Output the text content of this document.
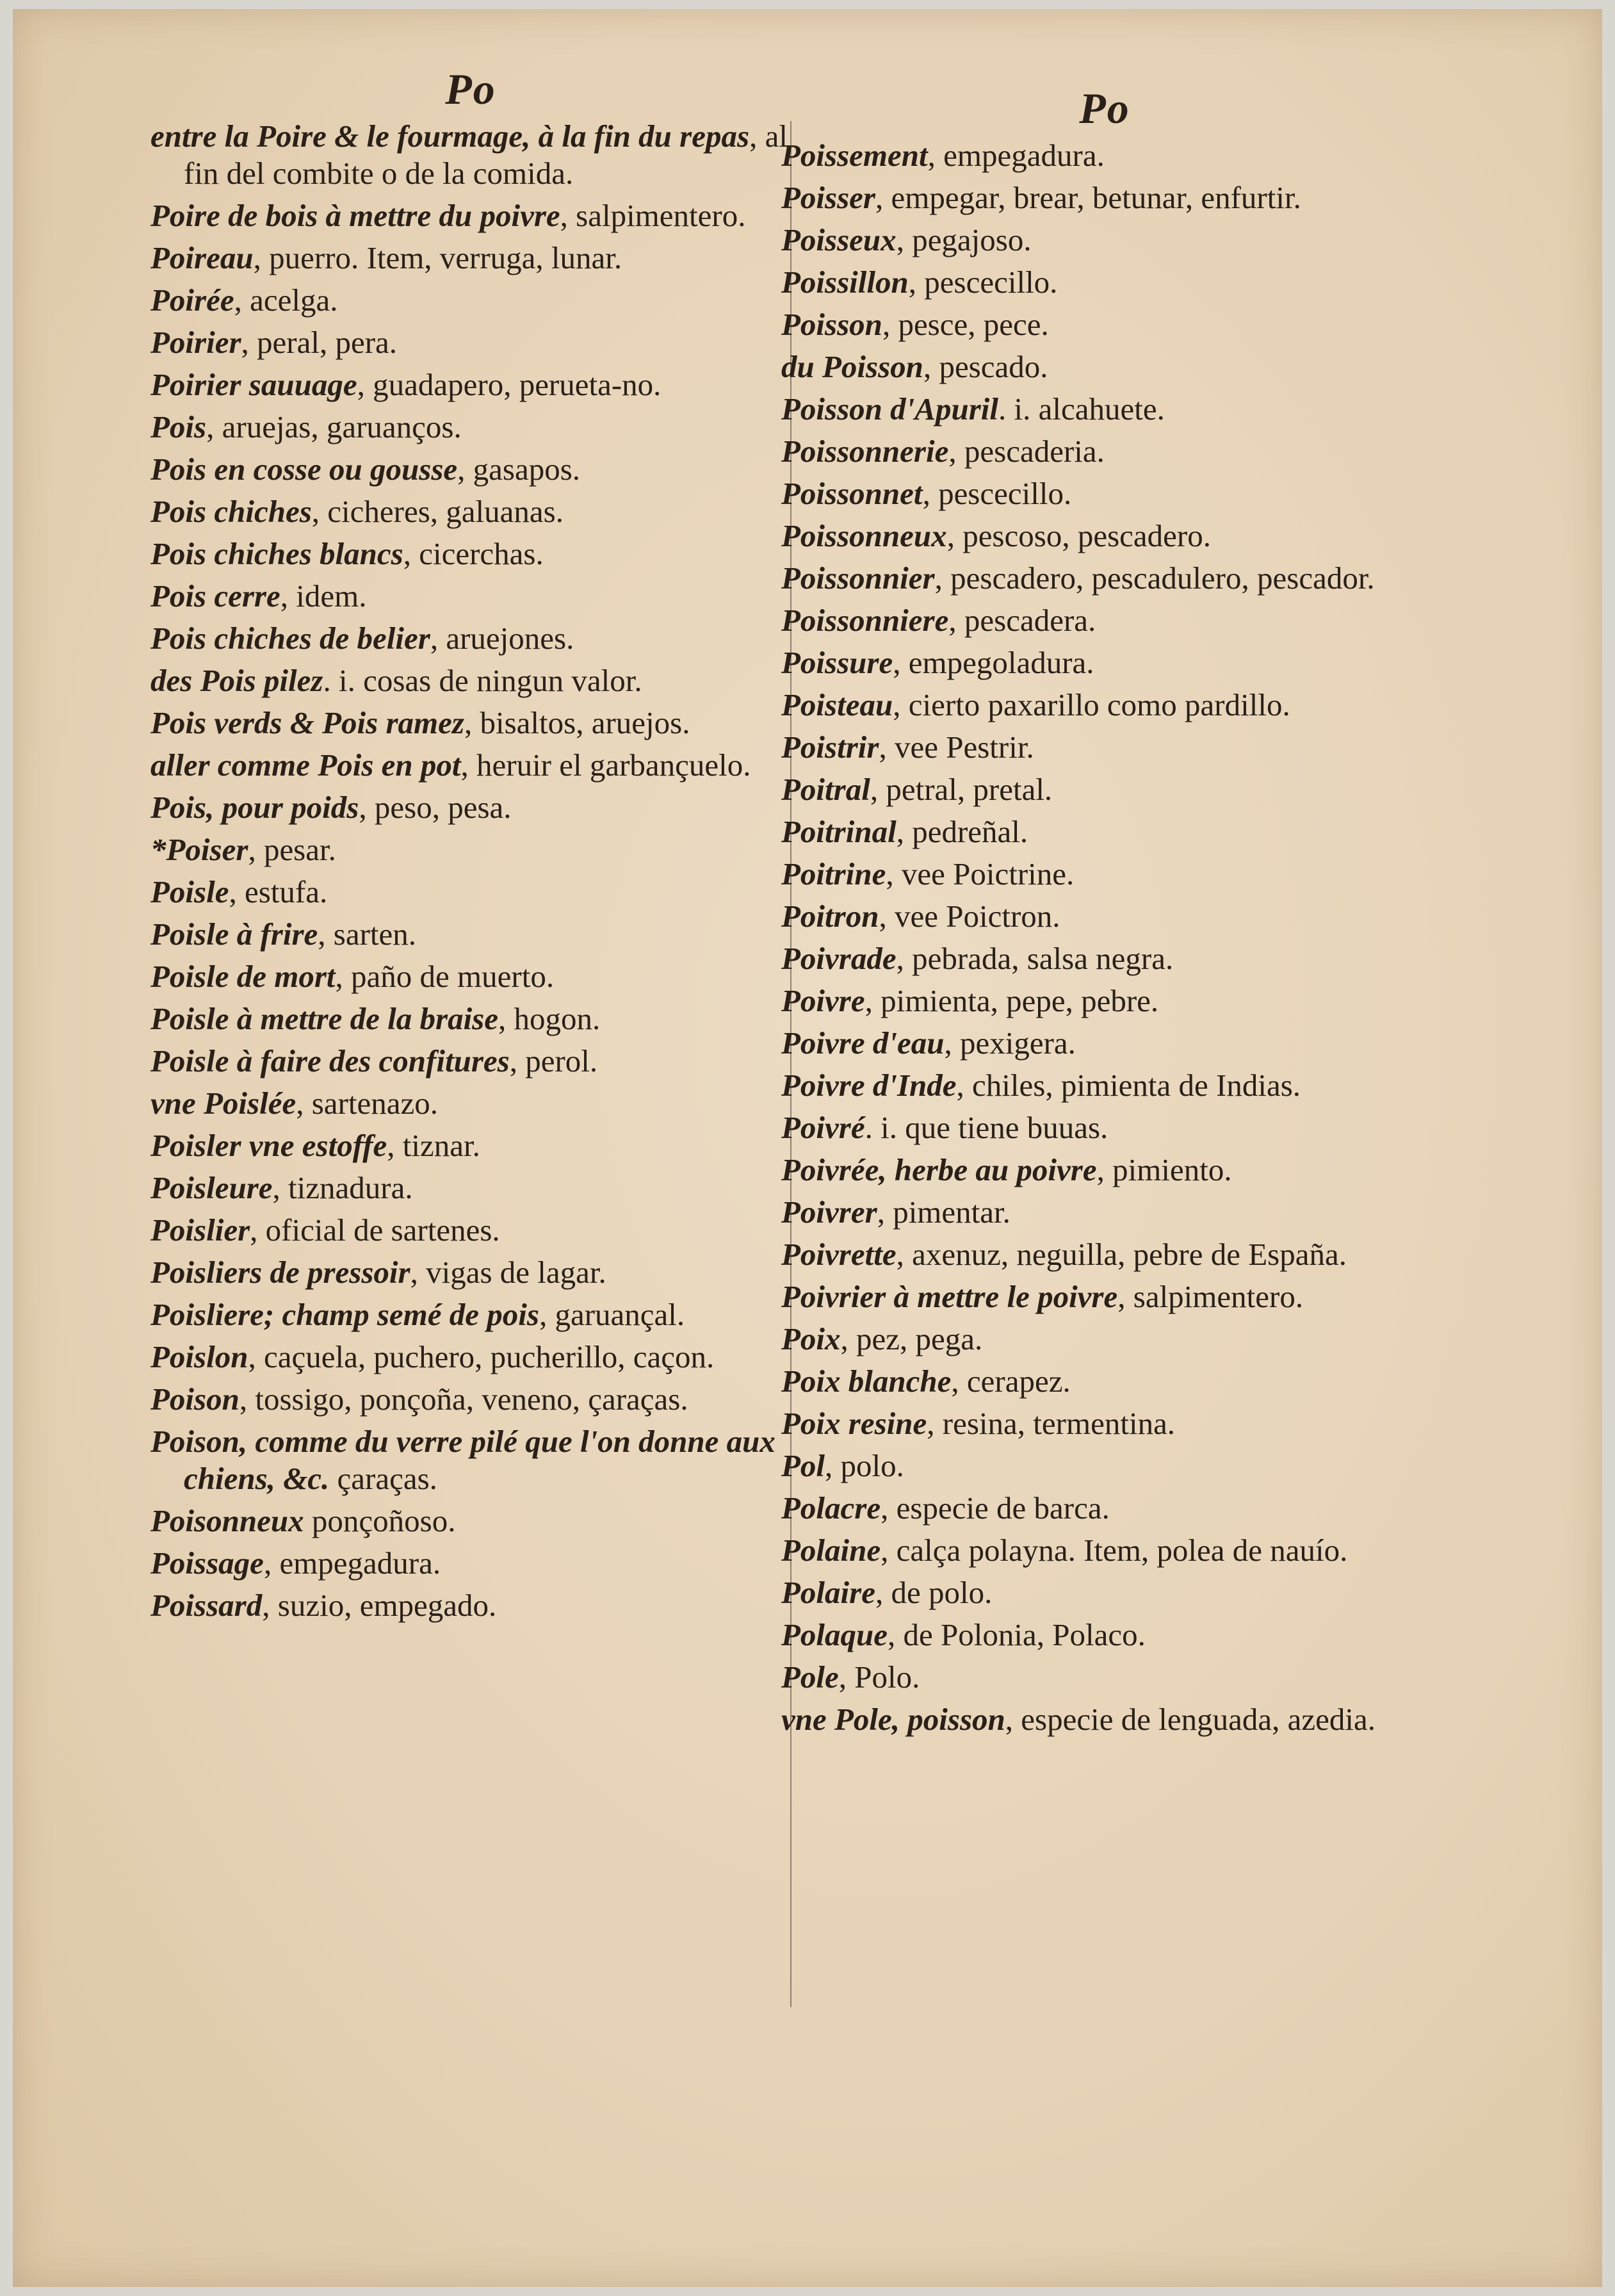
Po
entre la Poire & le fourmage, à la fin du repas, al fin del combite o de la comida.
Poire de bois à mettre du poivre, salpimentero.
Poireau, puerro. Item, verruga, lunar.
Poirée, acelga.
Poirier, peral, pera.
Poirier sauuage, guadapero, perueta-no.
Pois, aruejas, garuanços.
Pois en cosse ou gousse, gasapos.
Pois chiches, cicheres, galuanas.
Pois chiches blancs, cicerchas.
Pois cerre, idem.
Pois chiches de belier, aruejones.
des Pois pilez. i. cosas de ningun valor.
Pois verds & Pois ramez, bisaltos, aruejos.
aller comme Pois en pot, heruir el garbançuelo.
Pois, pour poids, peso, pesa.
*Poiser, pesar.
Poisle, estufa.
Poisle à frire, sarten.
Poisle de mort, paño de muerto.
Poisle à mettre de la braise, hogon.
Poisle à faire des confitures, perol.
vne Poislée, sartenazo.
Poisler vne estoffe, tiznar.
Poisleure, tiznadura.
Poislier, oficial de sartenes.
Poisliers de pressoir, vigas de lagar.
Poisliere; champ semé de pois, garuançal.
Poislon, caçuela, puchero, pucherillo, caçon.
Poison, tossigo, ponçoña, veneno, çaraças.
Poison, comme du verre pilé que l'on donne aux chiens, &c. çaraças.
Poisonneux ponçoñoso.
Poissage, empegadura.
Poissard, suzio, empegado.
Po
Poissement, empegadura.
Poisser, empegar, brear, betunar, enfurtir.
Poisseux, pegajoso.
Poissillon, pescecillo.
Poisson, pesce, pece.
du Poisson, pescado.
Poisson d'Apuril. i. alcahuete.
Poissonnerie, pescaderia.
Poissonnet, pescecillo.
Poissonneux, pescoso, pescadero.
Poissonnier, pescadero, pescadulero, pescador.
Poissonniere, pescadera.
Poissure, empegoladura.
Poisteau, cierto paxarillo como pardillo.
Poistrir, vee Pestrir.
Poitral, petral, pretal.
Poitrinal, pedreñal.
Poitrine, vee Poictrine.
Poitron, vee Poictron.
Poivrade, pebrada, salsa negra.
Poivre, pimienta, pepe, pebre.
Poivre d'eau, pexigera.
Poivre d'Inde, chiles, pimienta de Indias.
Poivré. i. que tiene buuas.
Poivrée, herbe au poivre, pimiento.
Poivrer, pimentar.
Poivrette, axenuz, neguilla, pebre de España.
Poivrier à mettre le poivre, salpimentero.
Poix, pez, pega.
Poix blanche, cerapez.
Poix resine, resina, termentina.
Pol, polo.
Polacre, especie de barca.
Polaine, calça polayna. Item, polea de nauío.
Polaire, de polo.
Polaque, de Polonia, Polaco.
Pole, Polo.
vne Pole, poisson, especie de lenguada, azedia.
